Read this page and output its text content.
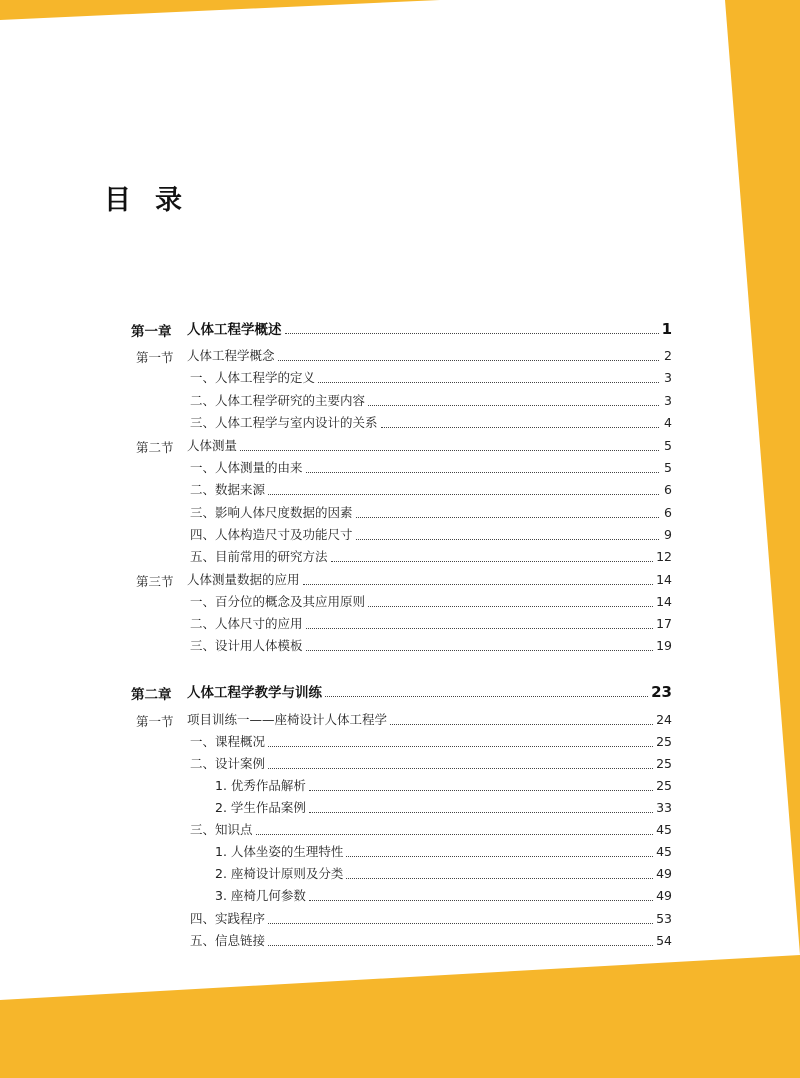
目 录
第一章 人体工程学概述	1
第一节 人体工程学概念	2
一、人体工程学的定义	3
二、人体工程学研究的主要内容	3
三、人体工程学与室内设计的关系	4
第二节 人体测量	5
一、人体测量的由来	5
二、数据来源	6
三、影响人体尺度数据的因素	6
四、人体构造尺寸及功能尺寸	9
五、目前常用的研究方法	12
第三节 人体测量数据的应用	14
一、百分位的概念及其应用原则	14
二、人体尺寸的应用	17
三、设计用人体模板	19
第二章 人体工程学教学与训练	23
第一节 项目训练一——座椅设计人体工程学	24
一、课程概况	25
二、设计案例	25
1. 优秀作品解析	25
2. 学生作品案例	33
三、知识点	45
1. 人体坐姿的生理特性	45
2. 座椅设计原则及分类	49
3. 座椅几何参数	49
四、实践程序	53
五、信息链接	54
